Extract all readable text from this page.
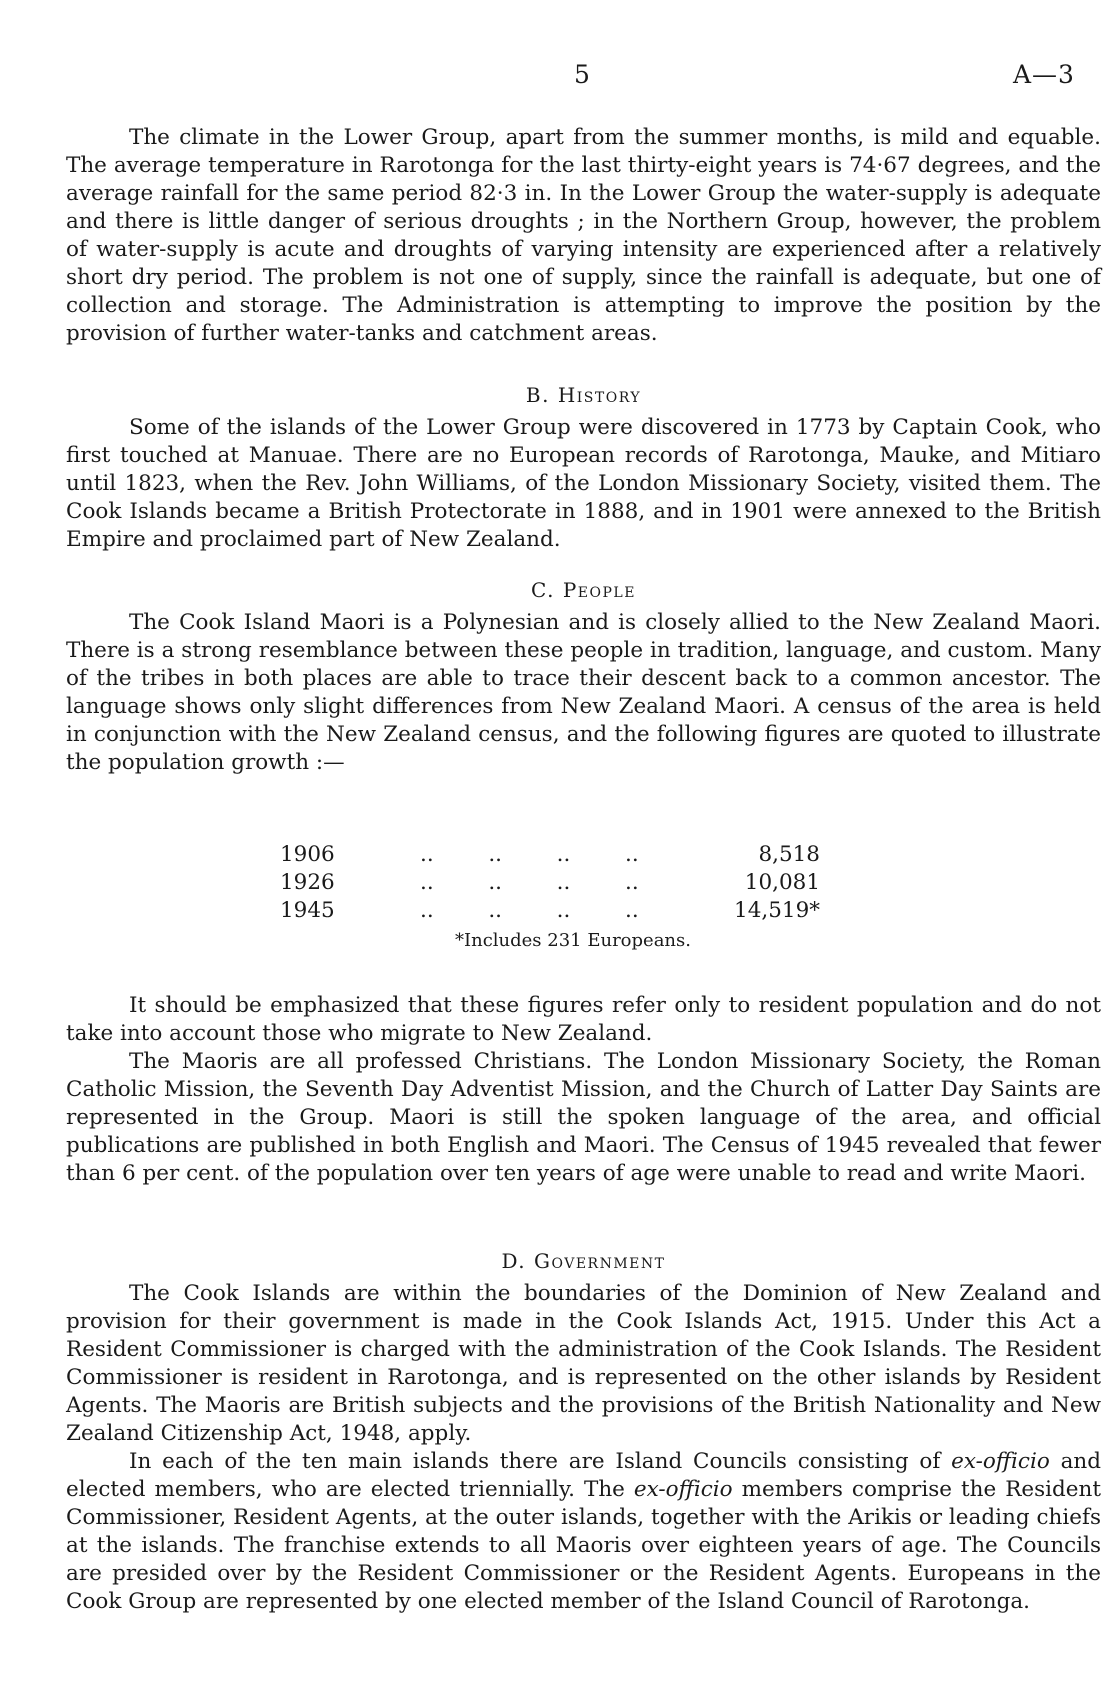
5	A—3

The climate in the Lower Group, apart from the summer months, is mild and equable. The average temperature in Rarotonga for the last thirty-eight years is 74·67 degrees, and the average rainfall for the same period 82·3 in. In the Lower Group the water-supply is adequate and there is little danger of serious droughts ; in the Northern Group, however, the problem of water-supply is acute and droughts of varying intensity are experienced after a relatively short dry period. The problem is not one of supply, since the rainfall is adequate, but one of collection and storage. The Administration is attempting to improve the position by the provision of further water-tanks and catchment areas.

B. History

Some of the islands of the Lower Group were discovered in 1773 by Captain Cook, who first touched at Manuae. There are no European records of Rarotonga, Mauke, and Mitiaro until 1823, when the Rev. John Williams, of the London Missionary Society, visited them. The Cook Islands became a British Protectorate in 1888, and in 1901 were annexed to the British Empire and proclaimed part of New Zealand.

C. People

The Cook Island Maori is a Polynesian and is closely allied to the New Zealand Maori. There is a strong resemblance between these people in tradition, language, and custom. Many of the tribes in both places are able to trace their descent back to a common ancestor. The language shows only slight differences from New Zealand Maori. A census of the area is held in conjunction with the New Zealand census, and the following figures are quoted to illustrate the population growth :—

1906	..        ..        ..        ..	8,518
1926	..        ..        ..        ..	10,081
1945	..        ..        ..        ..	14,519*
*Includes 231 Europeans.

It should be emphasized that these figures refer only to resident population and do not take into account those who migrate to New Zealand.

The Maoris are all professed Christians. The London Missionary Society, the Roman Catholic Mission, the Seventh Day Adventist Mission, and the Church of Latter Day Saints are represented in the Group. Maori is still the spoken language of the area, and official publications are published in both English and Maori. The Census of 1945 revealed that fewer than 6 per cent. of the population over ten years of age were unable to read and write Maori.

D. Government

The Cook Islands are within the boundaries of the Dominion of New Zealand and provision for their government is made in the Cook Islands Act, 1915. Under this Act a Resident Commissioner is charged with the administration of the Cook Islands. The Resident Commissioner is resident in Rarotonga, and is represented on the other islands by Resident Agents. The Maoris are British subjects and the provisions of the British Nationality and New Zealand Citizenship Act, 1948, apply.

In each of the ten main islands there are Island Councils consisting of ex-officio and elected members, who are elected triennially. The ex-officio members comprise the Resident Commissioner, Resident Agents, at the outer islands, together with the Arikis or leading chiefs at the islands. The franchise extends to all Maoris over eighteen years of age. The Councils are presided over by the Resident Commissioner or the Resident Agents. Europeans in the Cook Group are represented by one elected member of the Island Council of Rarotonga.
